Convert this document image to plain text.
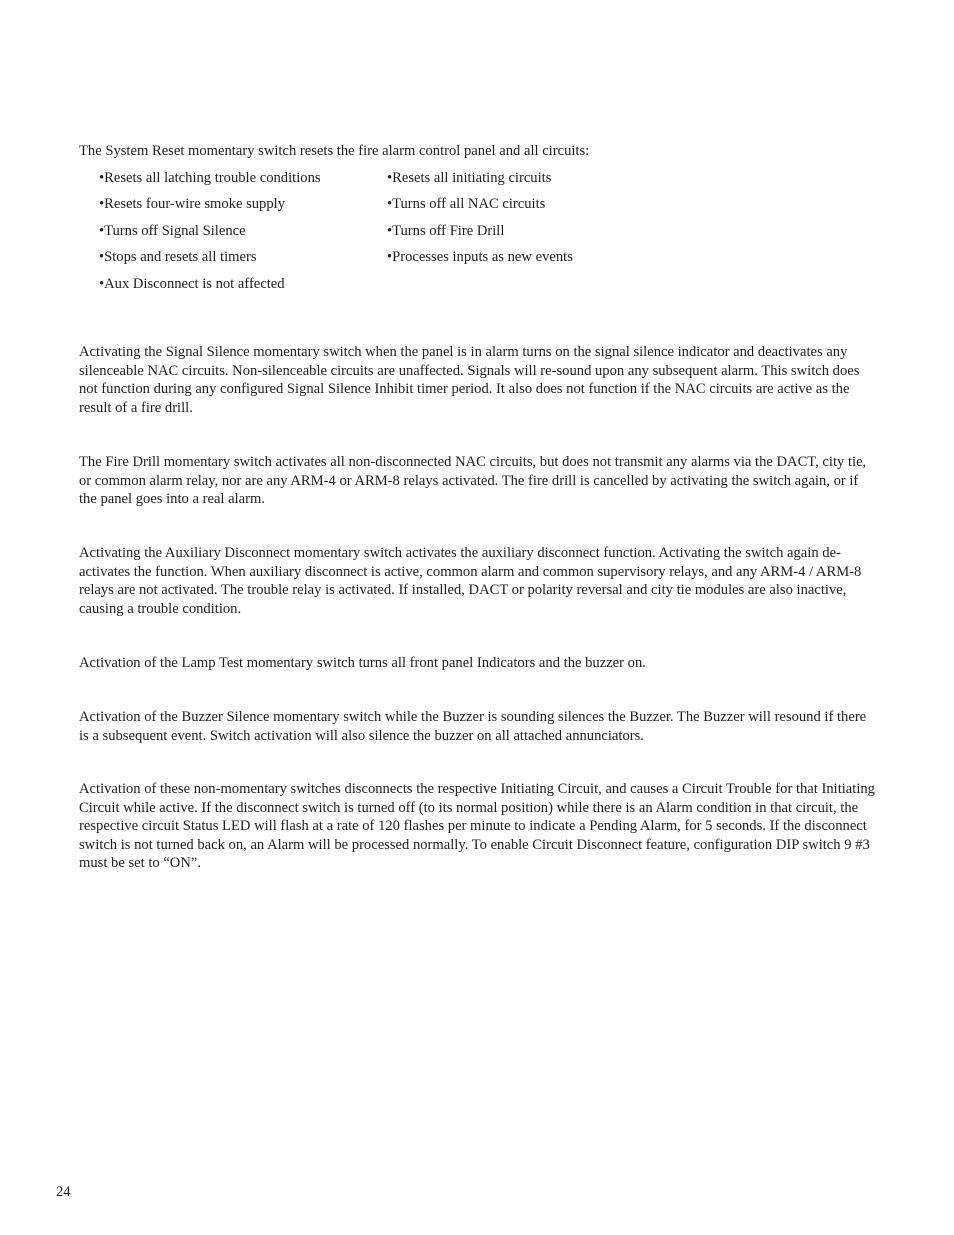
The System Reset momentary switch resets the fire alarm control panel and all circuits:

•Resets all latching trouble conditions	•Resets all initiating circuits

•Resets four-wire smoke supply	•Turns off all NAC circuits

•Turns off Signal Silence	•Turns off Fire Drill

•Stops and resets all timers	•Processes inputs as new events

•Aux Disconnect is not affected

Activating the Signal Silence momentary switch when the panel is in alarm turns on the signal silence indicator and deactivates any silenceable NAC circuits. Non-silenceable circuits are unaffected. Signals will re-sound upon any subsequent alarm. This switch does not function during any configured Signal Silence Inhibit timer period. It also does not function if the NAC circuits are active as the result of a fire drill.

The Fire Drill momentary switch activates all non-disconnected NAC circuits, but does not transmit any alarms via the DACT, city tie, or common alarm relay, nor are any ARM-4 or ARM-8 relays activated. The fire drill is cancelled by activating the switch again, or if the panel goes into a real alarm.

Activating the Auxiliary Disconnect momentary switch activates the auxiliary disconnect function. Activating the switch again de-activates the function. When auxiliary disconnect is active, common alarm and common supervisory relays, and any ARM-4 / ARM-8 relays are not activated. The trouble relay is activated. If installed, DACT or polarity reversal and city tie modules are also inactive, causing a trouble condition.

Activation of the Lamp Test momentary switch turns all front panel Indicators and the buzzer on.

Activation of the Buzzer Silence momentary switch while the Buzzer is sounding silences the Buzzer. The Buzzer will resound if there is a subsequent event. Switch activation will also silence the buzzer on all attached annunciators.

Activation of these non-momentary switches disconnects the respective Initiating Circuit, and causes a Circuit Trouble for that Initiating Circuit while active. If the disconnect switch is turned off (to its normal position) while there is an Alarm condition in that circuit, the respective circuit Status LED will flash at a rate of 120 flashes per minute to indicate a Pending Alarm, for 5 seconds. If the disconnect switch is not turned back on, an Alarm will be processed normally. To enable Circuit Disconnect feature, configuration DIP switch 9 #3 must be set to “ON”.

24
